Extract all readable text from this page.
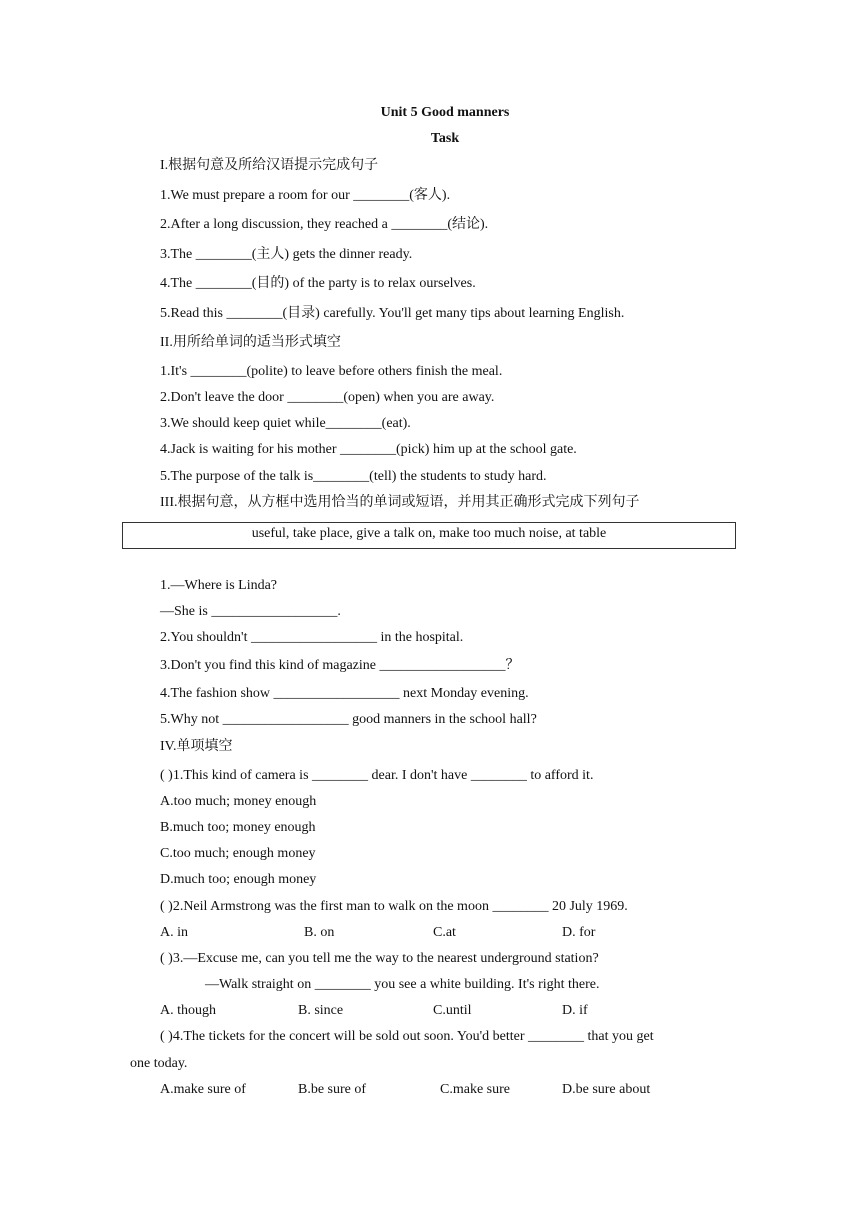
Unit 5 Good manners
Task
I.根据句意及所给汉语提示完成句子
1.We must prepare a room for our ________(客人).
2.After a long discussion, they reached a ________(结论).
3.The ________(主人) gets the dinner ready.
4.The ________(目的) of the party is to relax ourselves.
5.Read this ________(目录) carefully. You'll get many tips about learning English.
II.用所给单词的适当形式填空
1.It's ________(polite) to leave before others finish the meal.
2.Don't leave the door ________(open) when you are away.
3.We should keep quiet while________(eat).
4.Jack is waiting for his mother ________(pick) him up at the school gate.
5.The purpose of the talk is________(tell) the students to study hard.
III.根据句意，从方框中选用恰当的单词或短语，并用其正确形式完成下列句子
useful, take place, give a talk on, make too much noise, at table
1.—Where is Linda?
—She is __________________.
2.You shouldn't __________________ in the hospital.
3.Don't you find this kind of magazine __________________？
4.The fashion show __________________ next Monday evening.
5.Why not __________________ good manners in the school hall?
IV.单项填空
( )1.This kind of camera is ________ dear. I don't have ________ to afford it.
A.too much; money enough
B.much too; money enough
C.too much; enough money
D.much too; enough money
( )2.Neil Armstrong was the first man to walk on the moon ________ 20 July 1969.
A. in	B. on	C.at	D. for
( )3.—Excuse me, can you tell me the way to the nearest underground station?
—Walk straight on ________ you see a white building. It's right there.
A. though	B. since	C.until	D. if
( )4.The tickets for the concert will be sold out soon. You'd better ________ that you get
one today.
A.make sure of	B.be sure of	C.make sure	D.be sure about
